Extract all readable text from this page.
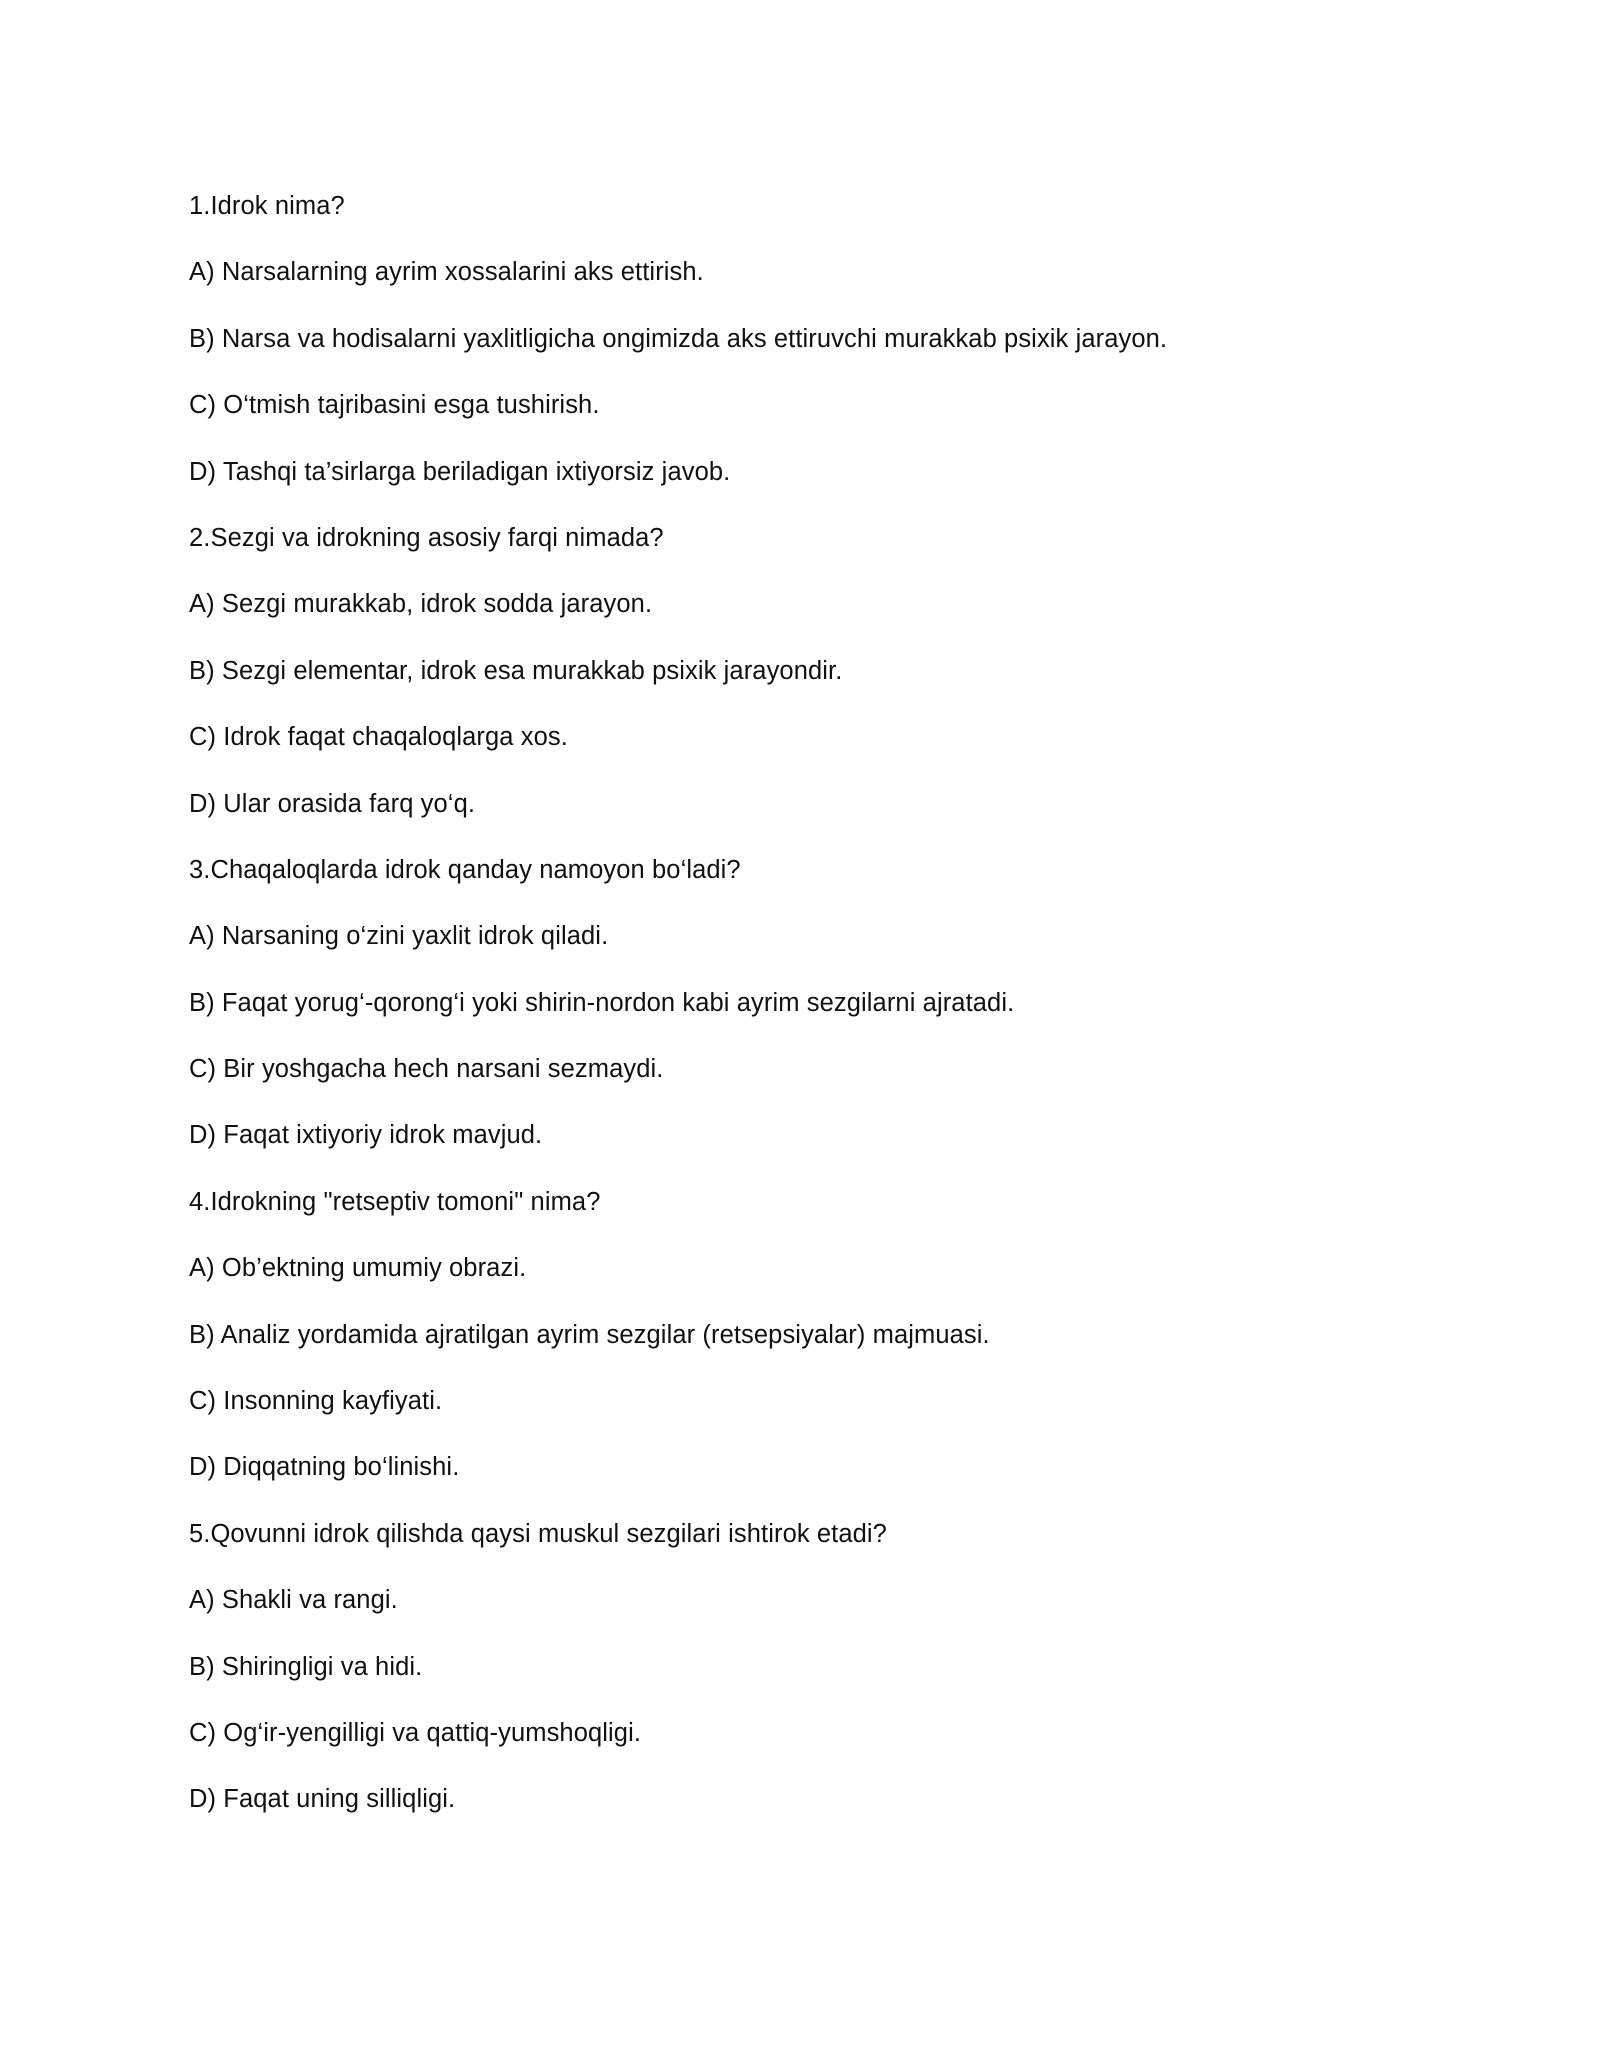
1.Idrok nima?
A) Narsalarning ayrim xossalarini aks ettirish.
B) Narsa va hodisalarni yaxlitligicha ongimizda aks ettiruvchi murakkab psixik jarayon.
C) O‘tmish tajribasini esga tushirish.
D) Tashqi ta’sirlarga beriladigan ixtiyorsiz javob.
2.Sezgi va idrokning asosiy farqi nimada?
A) Sezgi murakkab, idrok sodda jarayon.
B) Sezgi elementar, idrok esa murakkab psixik jarayondir.
C) Idrok faqat chaqaloqlarga xos.
D) Ular orasida farq yo‘q.
3.Chaqaloqlarda idrok qanday namoyon bo‘ladi?
A) Narsaning o‘zini yaxlit idrok qiladi.
B) Faqat yorug‘-qorong‘i yoki shirin-nordon kabi ayrim sezgilarni ajratadi.
C) Bir yoshgacha hech narsani sezmaydi.
D) Faqat ixtiyoriy idrok mavjud.
4.Idrokning "retseptiv tomoni" nima?
A) Ob’ektning umumiy obrazi.
B) Analiz yordamida ajratilgan ayrim sezgilar (retsepsiyalar) majmuasi.
C) Insonning kayfiyati.
D) Diqqatning bo‘linishi.
5.Qovunni idrok qilishda qaysi muskul sezgilari ishtirok etadi?
A) Shakli va rangi.
B) Shiringligi va hidi.
C) Og‘ir-yengilligi va qattiq-yumshoqligi.
D) Faqat uning silliqligi.
